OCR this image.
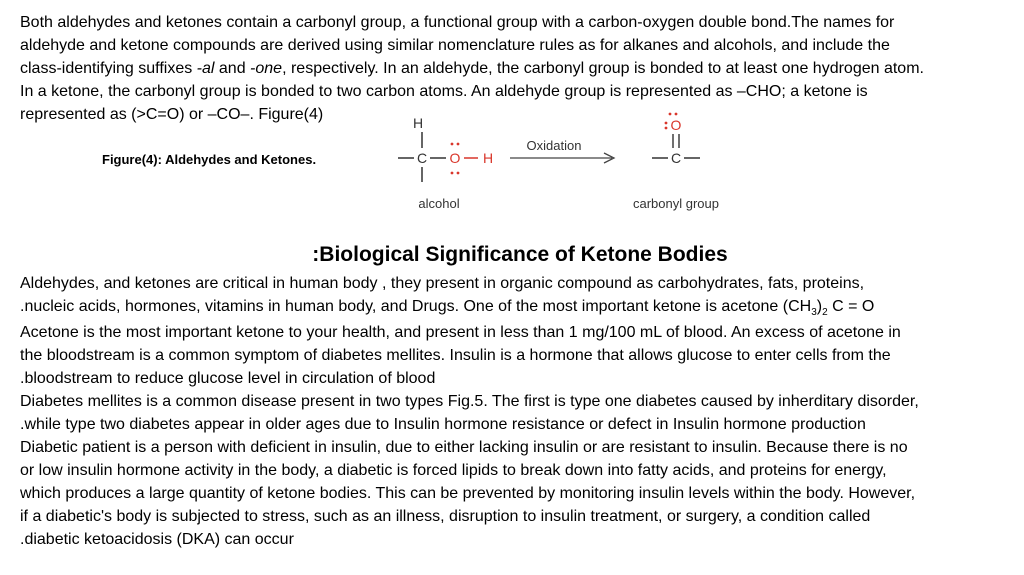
Both aldehydes and ketones contain a carbonyl group, a functional group with a carbon-oxygen double bond.The names for
aldehyde and ketone compounds are derived using similar nomenclature rules as for alkanes and alcohols, and include the
class-identifying suffixes -al and -one, respectively. In an aldehyde, the carbonyl group is bonded to at least one hydrogen atom.
In a ketone, the carbonyl group is bonded to two carbon atoms. An aldehyde group is represented as –CHO; a ketone is
represented as (>C=O) or –CO–. Figure(4)
Figure(4): Aldehydes and Ketones.
H
C O H
Oxidation
O
C
alcohol	carbonyl group
:Biological Significance of Ketone Bodies
Aldehydes, and ketones are critical in human body , they present in organic compound as carbohydrates, fats, proteins,
.nucleic acids, hormones, vitamins in human body, and Drugs. One of the most important ketone is acetone $(CH_3)_2$ C = O
Acetone is the most important ketone to your health, and present in less than 1 mg/100 mL of blood. An excess of acetone in
the bloodstream is a common symptom of diabetes mellites. Insulin is a hormone that allows glucose to enter cells from the
.bloodstream to reduce glucose level in circulation of blood
Diabetes mellites is a common disease present in two types Fig.5. The first is type one diabetes caused by inherditary disorder,
.while type two diabetes appear in older ages due to Insulin hormone resistance or defect in Insulin hormone production
Diabetic patient is a person with deficient in insulin, due to either lacking insulin or are resistant to insulin. Because there is no
or low insulin hormone activity in the body, a diabetic is forced lipids to break down into fatty acids, and proteins for energy,
which produces a large quantity of ketone bodies. This can be prevented by monitoring insulin levels within the body. However,
if a diabetic's body is subjected to stress, such as an illness, disruption to insulin treatment, or surgery, a condition called
.diabetic ketoacidosis (DKA) can occur
